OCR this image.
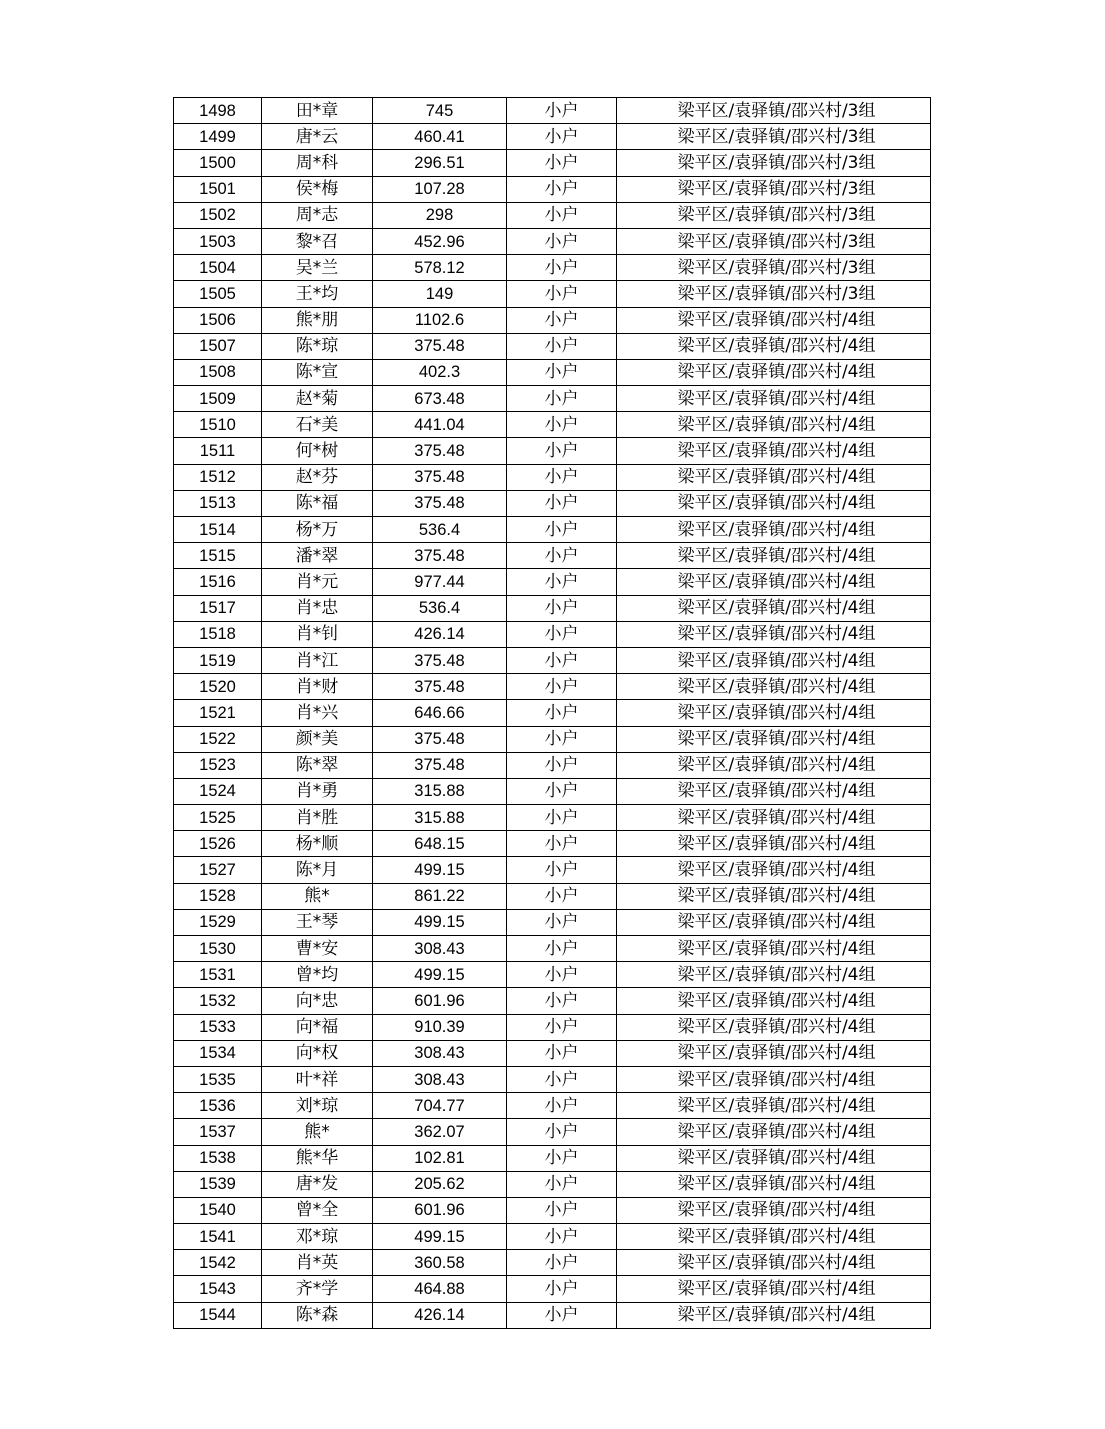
1498	田*章	745	小户	梁平区/袁驿镇/邵兴村/3组
1499	唐*云	460.41	小户	梁平区/袁驿镇/邵兴村/3组
1500	周*科	296.51	小户	梁平区/袁驿镇/邵兴村/3组
1501	侯*梅	107.28	小户	梁平区/袁驿镇/邵兴村/3组
1502	周*志	298	小户	梁平区/袁驿镇/邵兴村/3组
1503	黎*召	452.96	小户	梁平区/袁驿镇/邵兴村/3组
1504	吴*兰	578.12	小户	梁平区/袁驿镇/邵兴村/3组
1505	王*均	149	小户	梁平区/袁驿镇/邵兴村/3组
1506	熊*朋	1102.6	小户	梁平区/袁驿镇/邵兴村/4组
1507	陈*琼	375.48	小户	梁平区/袁驿镇/邵兴村/4组
1508	陈*宣	402.3	小户	梁平区/袁驿镇/邵兴村/4组
1509	赵*菊	673.48	小户	梁平区/袁驿镇/邵兴村/4组
1510	石*美	441.04	小户	梁平区/袁驿镇/邵兴村/4组
1511	何*树	375.48	小户	梁平区/袁驿镇/邵兴村/4组
1512	赵*芬	375.48	小户	梁平区/袁驿镇/邵兴村/4组
1513	陈*福	375.48	小户	梁平区/袁驿镇/邵兴村/4组
1514	杨*万	536.4	小户	梁平区/袁驿镇/邵兴村/4组
1515	潘*翠	375.48	小户	梁平区/袁驿镇/邵兴村/4组
1516	肖*元	977.44	小户	梁平区/袁驿镇/邵兴村/4组
1517	肖*忠	536.4	小户	梁平区/袁驿镇/邵兴村/4组
1518	肖*钊	426.14	小户	梁平区/袁驿镇/邵兴村/4组
1519	肖*江	375.48	小户	梁平区/袁驿镇/邵兴村/4组
1520	肖*财	375.48	小户	梁平区/袁驿镇/邵兴村/4组
1521	肖*兴	646.66	小户	梁平区/袁驿镇/邵兴村/4组
1522	颜*美	375.48	小户	梁平区/袁驿镇/邵兴村/4组
1523	陈*翠	375.48	小户	梁平区/袁驿镇/邵兴村/4组
1524	肖*勇	315.88	小户	梁平区/袁驿镇/邵兴村/4组
1525	肖*胜	315.88	小户	梁平区/袁驿镇/邵兴村/4组
1526	杨*顺	648.15	小户	梁平区/袁驿镇/邵兴村/4组
1527	陈*月	499.15	小户	梁平区/袁驿镇/邵兴村/4组
1528	熊*	861.22	小户	梁平区/袁驿镇/邵兴村/4组
1529	王*琴	499.15	小户	梁平区/袁驿镇/邵兴村/4组
1530	曹*安	308.43	小户	梁平区/袁驿镇/邵兴村/4组
1531	曾*均	499.15	小户	梁平区/袁驿镇/邵兴村/4组
1532	向*忠	601.96	小户	梁平区/袁驿镇/邵兴村/4组
1533	向*福	910.39	小户	梁平区/袁驿镇/邵兴村/4组
1534	向*权	308.43	小户	梁平区/袁驿镇/邵兴村/4组
1535	叶*祥	308.43	小户	梁平区/袁驿镇/邵兴村/4组
1536	刘*琼	704.77	小户	梁平区/袁驿镇/邵兴村/4组
1537	熊*	362.07	小户	梁平区/袁驿镇/邵兴村/4组
1538	熊*华	102.81	小户	梁平区/袁驿镇/邵兴村/4组
1539	唐*发	205.62	小户	梁平区/袁驿镇/邵兴村/4组
1540	曾*全	601.96	小户	梁平区/袁驿镇/邵兴村/4组
1541	邓*琼	499.15	小户	梁平区/袁驿镇/邵兴村/4组
1542	肖*英	360.58	小户	梁平区/袁驿镇/邵兴村/4组
1543	齐*学	464.88	小户	梁平区/袁驿镇/邵兴村/4组
1544	陈*森	426.14	小户	梁平区/袁驿镇/邵兴村/4组
